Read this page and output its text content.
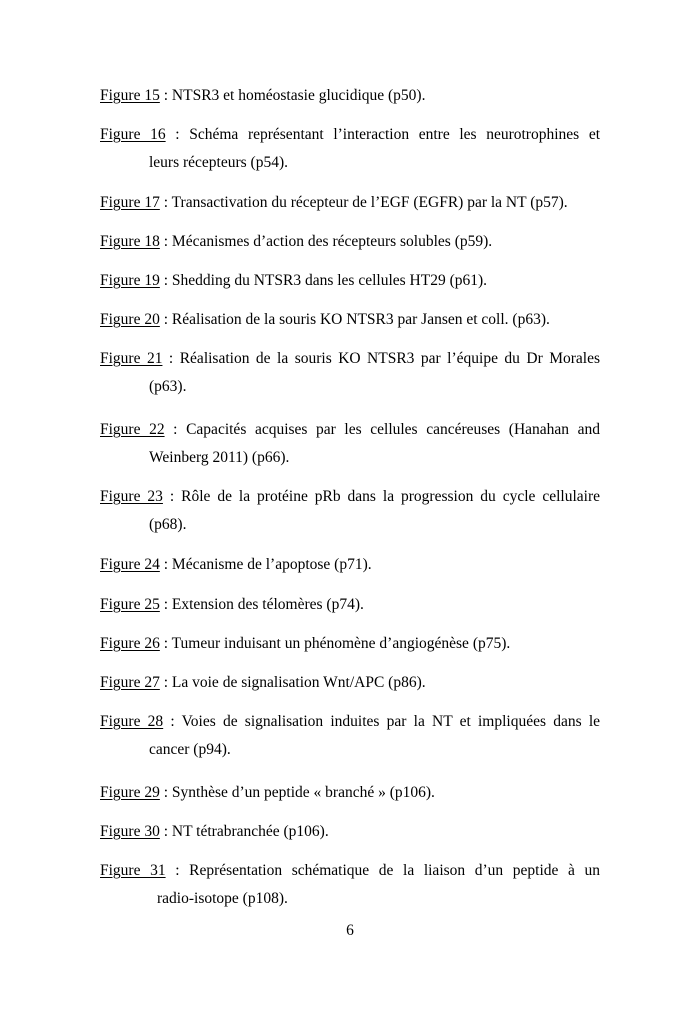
Figure 15 : NTSR3 et homéostasie glucidique (p50).
Figure 16 : Schéma représentant l’interaction entre les neurotrophines et
leurs récepteurs (p54).
Figure 17 : Transactivation du récepteur de l’EGF (EGFR) par la NT (p57).
Figure 18 : Mécanismes d’action des récepteurs solubles (p59).
Figure 19 : Shedding du NTSR3 dans les cellules HT29 (p61).
Figure 20 : Réalisation de la souris KO NTSR3 par Jansen et coll. (p63).
Figure 21 : Réalisation de la souris KO NTSR3 par l’équipe du Dr Morales
(p63).
Figure 22 : Capacités acquises par les cellules cancéreuses (Hanahan and
Weinberg 2011) (p66).
Figure 23 : Rôle de la protéine pRb dans la progression du cycle cellulaire
(p68).
Figure 24 : Mécanisme de l’apoptose (p71).
Figure 25 : Extension des télomères (p74).
Figure 26 : Tumeur induisant un phénomène d’angiogénèse (p75).
Figure 27 : La voie de signalisation Wnt/APC (p86).
Figure 28 : Voies de signalisation induites par la NT et impliquées dans le
cancer (p94).
Figure 29 : Synthèse d’un peptide « branché » (p106).
Figure 30 : NT tétrabranchée (p106).
Figure 31 : Représentation schématique de la liaison d’un peptide à un
radio-isotope (p108).
6
